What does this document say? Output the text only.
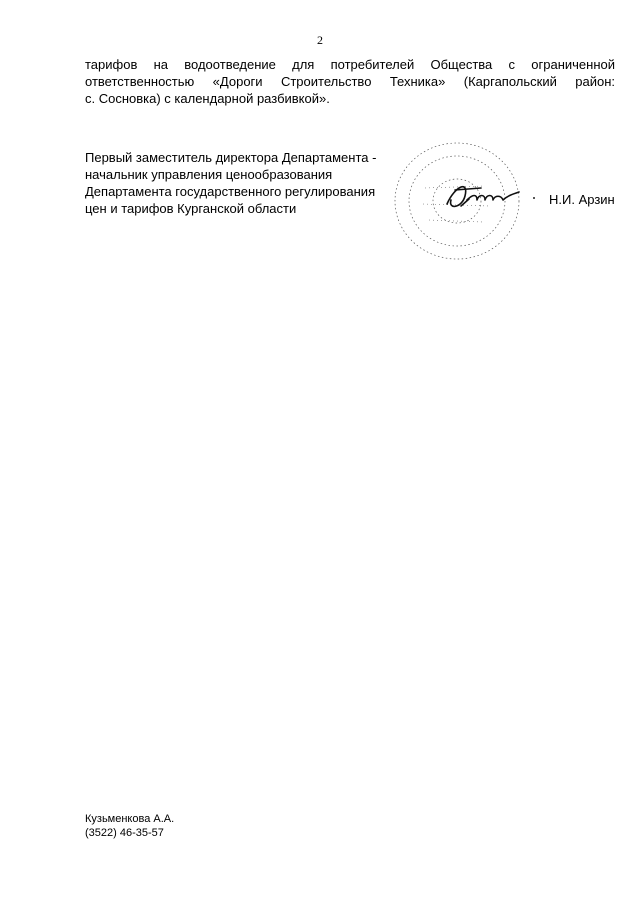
2
тарифов на водоотведение для потребителей Общества с ограниченной
ответственностью «Дороги Строительство Техника» (Каргапольский район:
с. Сосновка) с календарной разбивкой».
Первый заместитель директора Департамента -
начальник управления ценообразования
Департамента государственного регулирования
цен и тарифов Курганской области
Н.И. Арзин
Кузьменкова А.А.
(3522) 46-35-57
